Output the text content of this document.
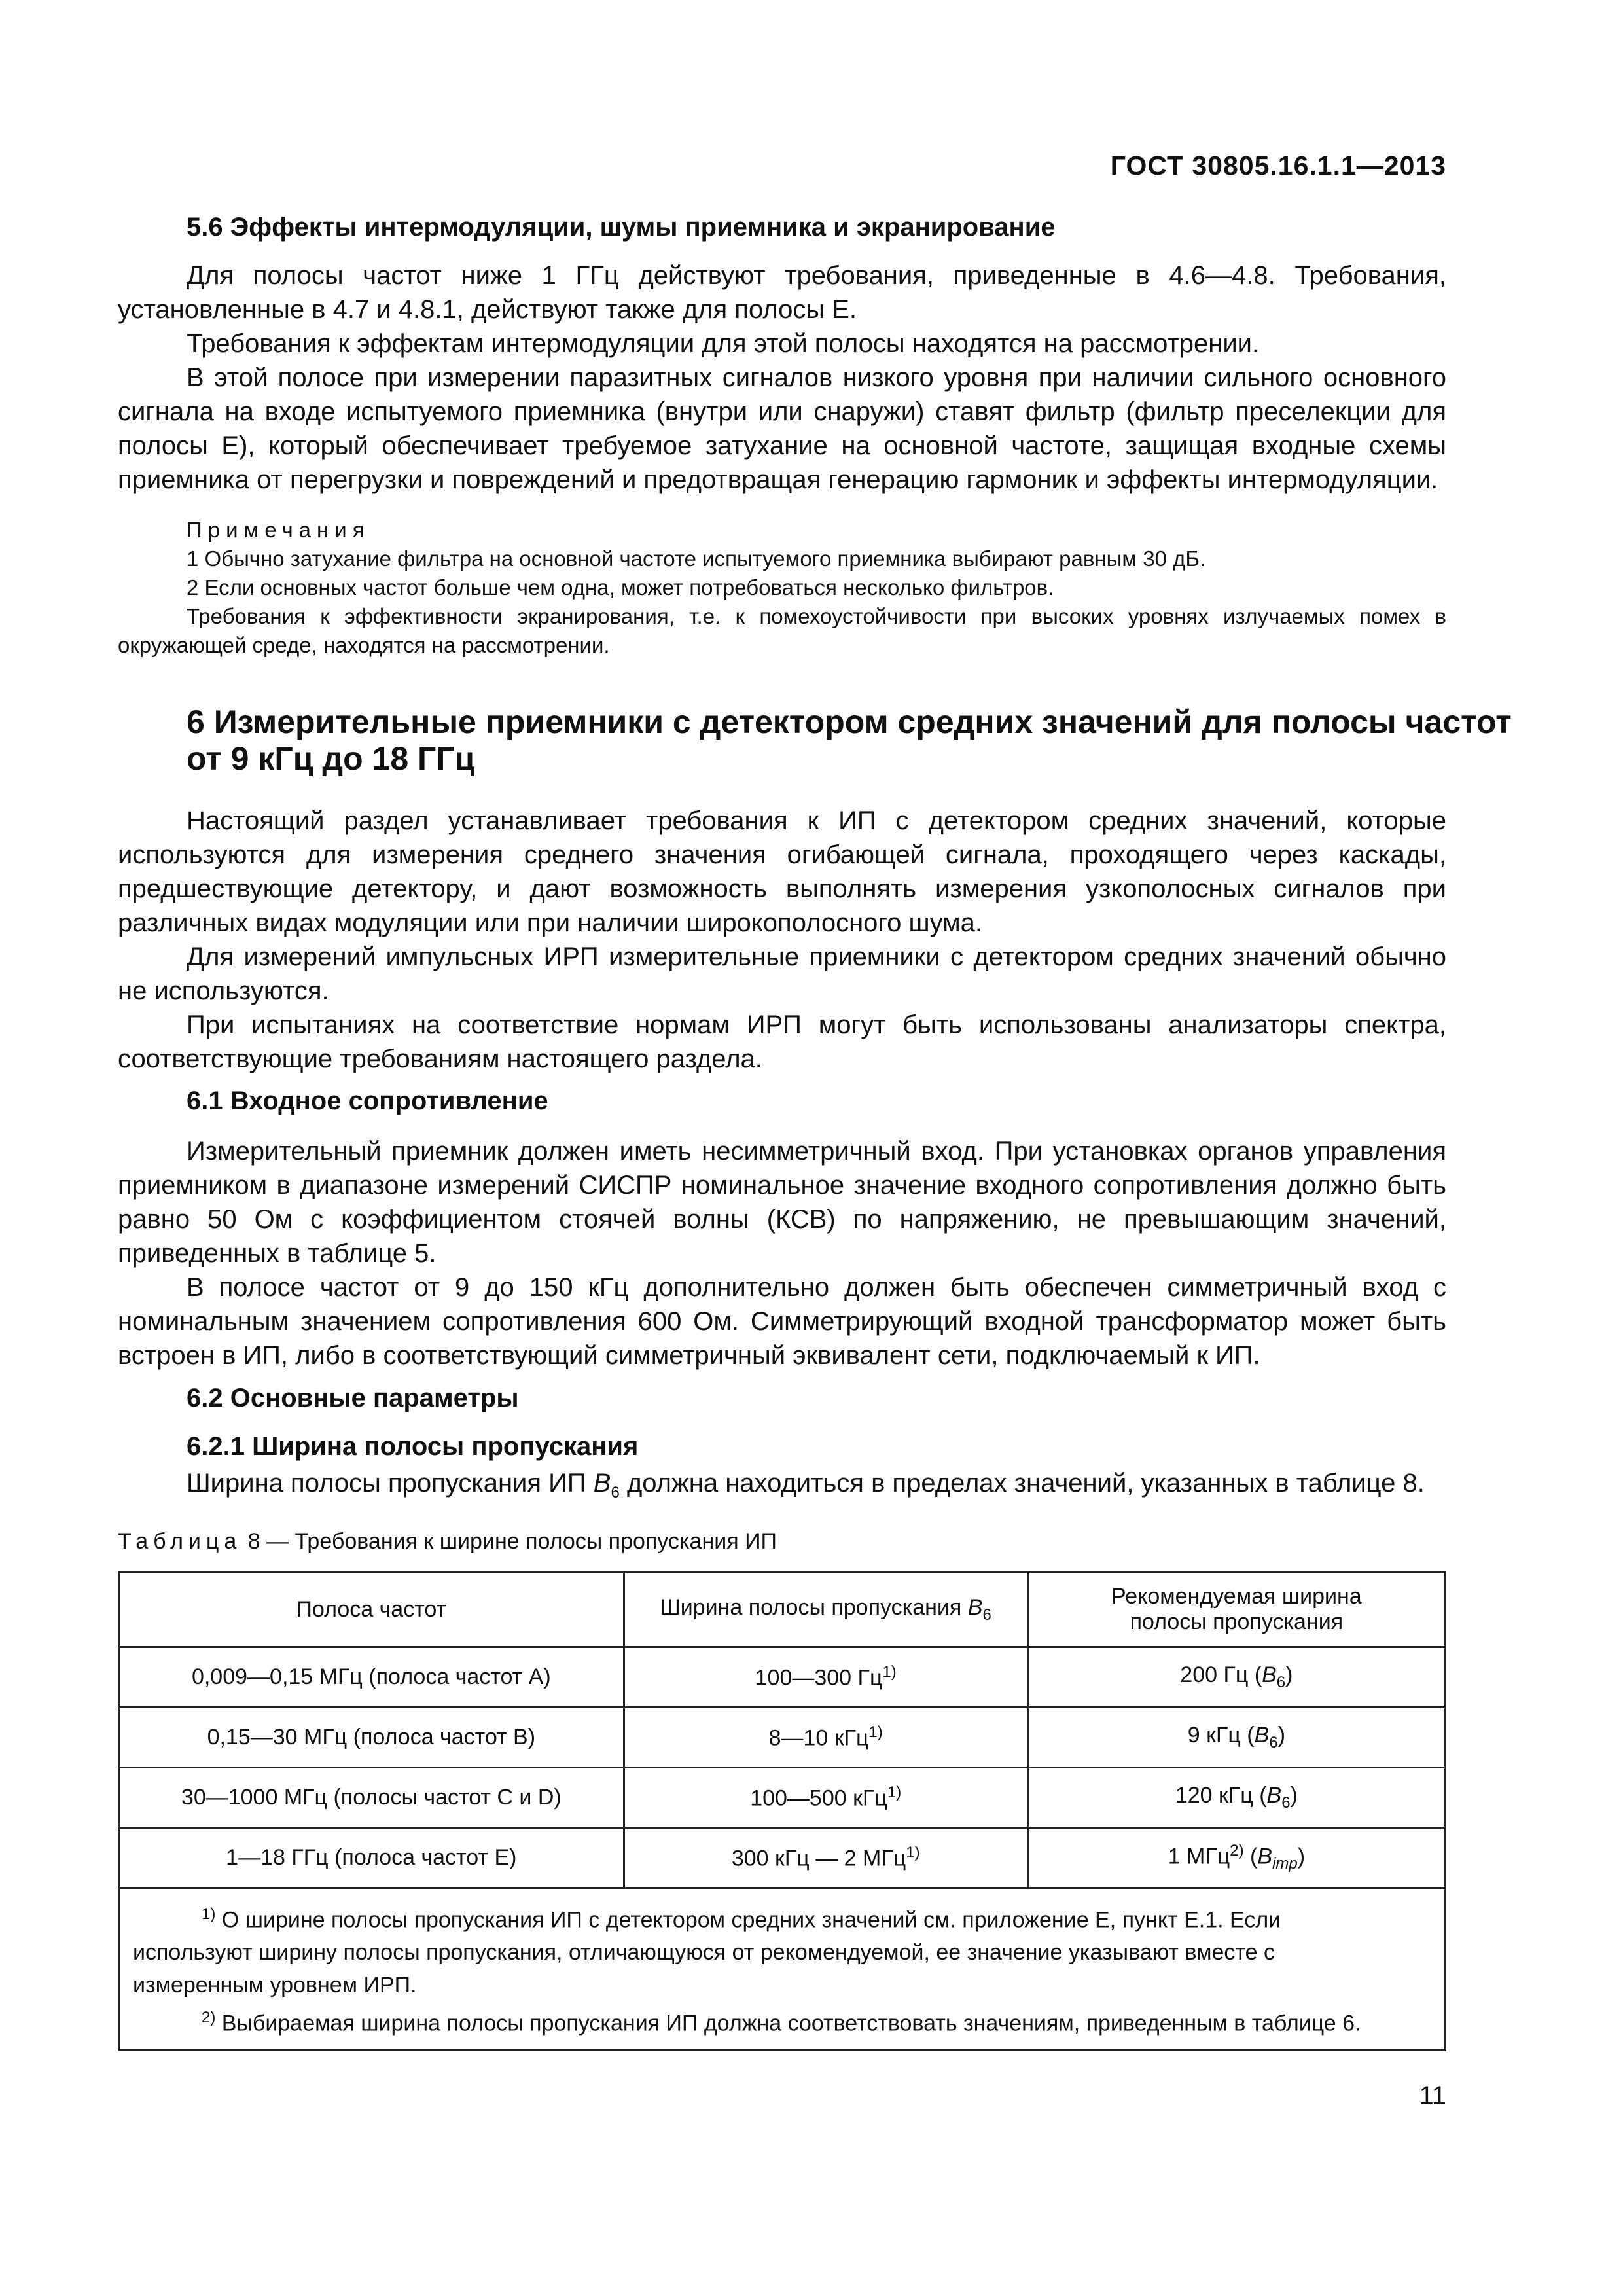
ГОСТ 30805.16.1.1—2013
5.6 Эффекты интермодуляции, шумы приемника и экранирование

Для полосы частот ниже 1 ГГц действуют требования, приведенные в 4.6—4.8. Требования, установленные в 4.7 и 4.8.1, действуют также для полосы Е.

Требования к эффектам интермодуляции для этой полосы находятся на рассмотрении.

В этой полосе при измерении паразитных сигналов низкого уровня при наличии сильного основного сигнала на входе испытуемого приемника (внутри или снаружи) ставят фильтр (фильтр преселекции для полосы Е), который обеспечивает требуемое затухание на основной частоте, защищая входные схемы приемника от перегрузки и повреждений и предотвращая генерацию гармоник и эффекты интермодуляции.

Примечания

1 Обычно затухание фильтра на основной частоте испытуемого приемника выбирают равным 30 дБ.

2 Если основных частот больше чем одна, может потребоваться несколько фильтров.

Требования к эффективности экранирования, т.е. к помехоустойчивости при высоких уровнях излучаемых помех в окружающей среде, находятся на рассмотрении.

6 Измерительные приемники с детектором средних значений для полосы частот от 9 кГц до 18 ГГц

Настоящий раздел устанавливает требования к ИП с детектором средних значений, которые используются для измерения среднего значения огибающей сигнала, проходящего через каскады, предшествующие детектору, и дают возможность выполнять измерения узкополосных сигналов при различных видах модуляции или при наличии широкополосного шума.

Для измерений импульсных ИРП измерительные приемники с детектором средних значений обычно не используются.

При испытаниях на соответствие нормам ИРП могут быть использованы анализаторы спектра, соответствующие требованиям настоящего раздела.

6.1 Входное сопротивление

Измерительный приемник должен иметь несимметричный вход. При установках органов управления приемником в диапазоне измерений СИСПР номинальное значение входного сопротивления должно быть равно 50 Ом с коэффициентом стоячей волны (КСВ) по напряжению, не превышающим значений, приведенных в таблице 5.

В полосе частот от 9 до 150 кГц дополнительно должен быть обеспечен симметричный вход с номинальным значением сопротивления 600 Ом. Симметрирующий входной трансформатор может быть встроен в ИП, либо в соответствующий симметричный эквивалент сети, подключаемый к ИП.

6.2 Основные параметры
6.2.1 Ширина полосы пропускания

Ширина полосы пропускания ИП $B_6$ должна находиться в пределах значений, указанных в таблице 8.

Таблица 8 — Требования к ширине полосы пропускания ИП
Полоса частот	Ширина полосы пропускания $B_6$	Рекомендуемая ширина
полосы пропускания
0,009—0,15 МГц (полоса частот А)	100—300 $Гц^{1)}$	200 Гц $(B_6)$
0,15—30 МГц (полоса частот В)	8—10 кГц$^{1)}$	9 кГц $(B_6)$
30—1000 МГц (полосы частот С и D)	100—500 кГц$^{1)}$	120 кГц $(B_6)$
1—18 ГГц (полоса частот Е)	300 кГц — 2 МГц$^{1)}$	1 МГц$^{2)}$ $(B_{imp})$

$^{1)}$ О ширине полосы пропускания ИП с детектором средних значений см. приложение Е, пункт Е.1. Если используют ширину полосы пропускания, отличающуюся от рекомендуемой, ее значение указывают вместе с измеренным уровнем ИРП.
$^{2)}$ Выбираемая ширина полосы пропускания ИП должна соответствовать значениям, приведенным в таблице 6.		
11
